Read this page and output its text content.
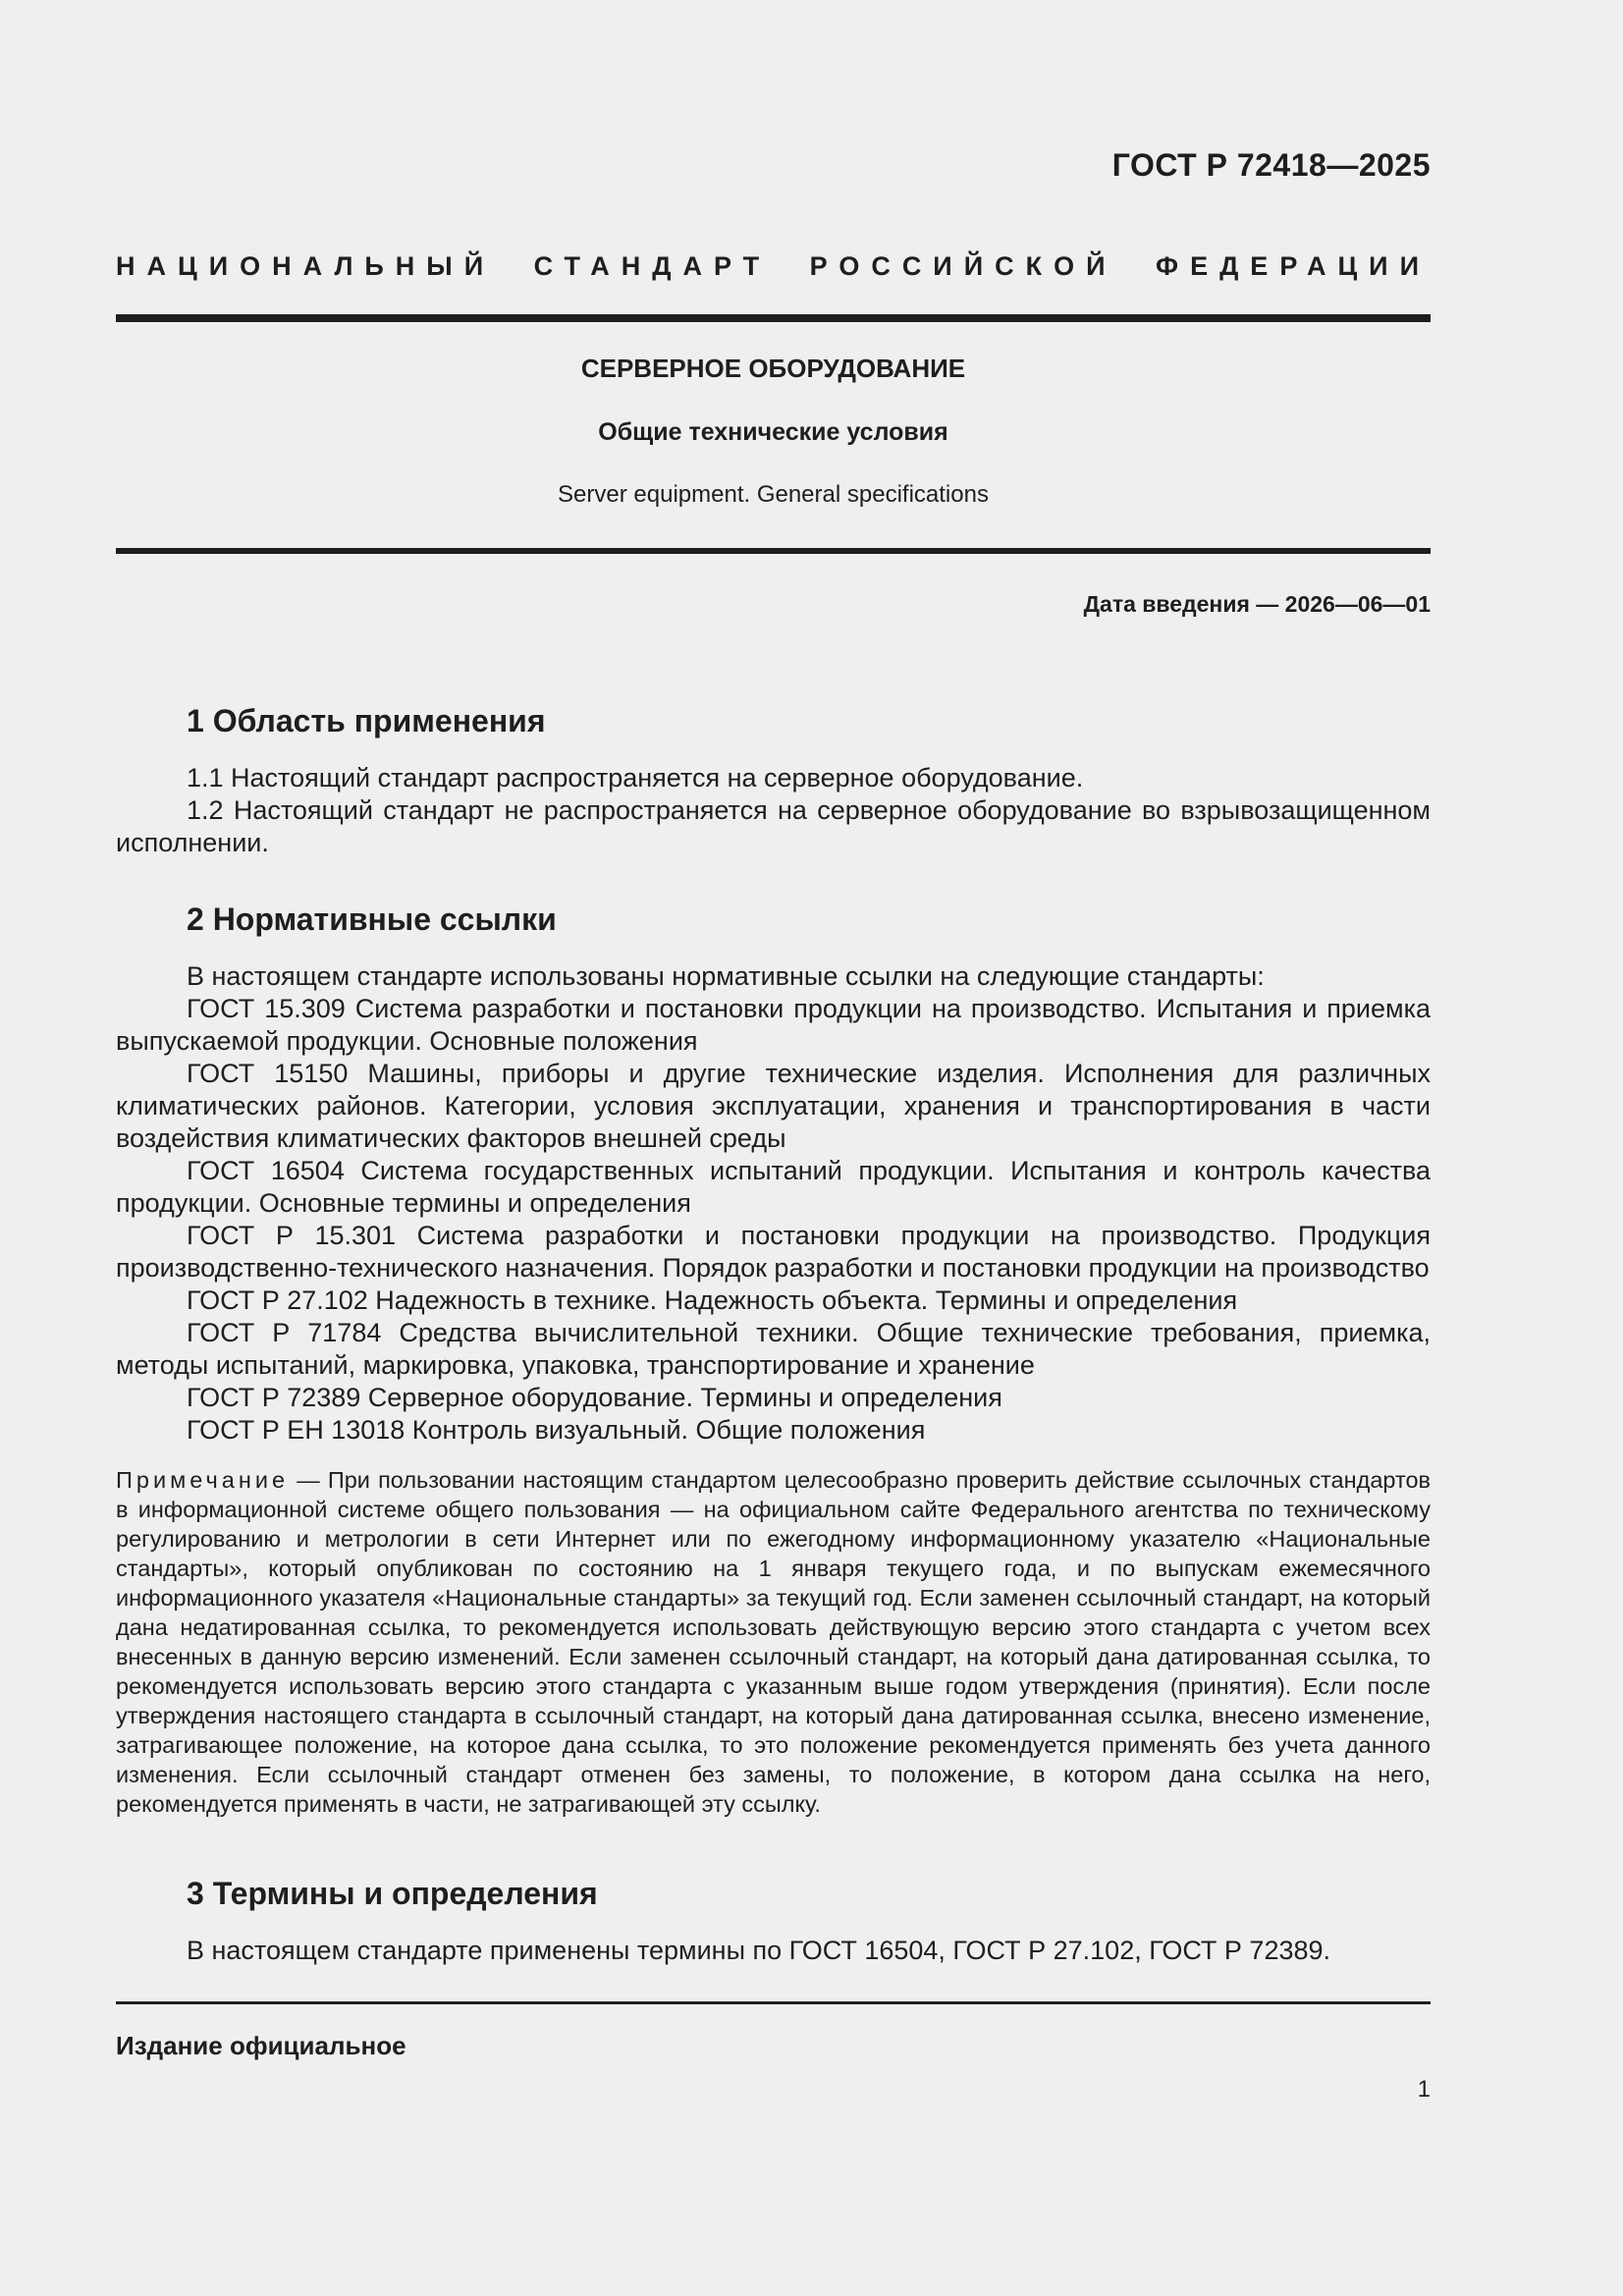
ГОСТ Р 72418—2025
НАЦИОНАЛЬНЫЙ СТАНДАРТ РОССИЙСКОЙ ФЕДЕРАЦИИ
СЕРВЕРНОЕ ОБОРУДОВАНИЕ
Общие технические условия
Server equipment. General specifications
Дата введения — 2026—06—01
1 Область применения

1.1 Настоящий стандарт распространяется на серверное оборудование.

1.2 Настоящий стандарт не распространяется на серверное оборудование во взрывозащищенном исполнении.

2 Нормативные ссылки

В настоящем стандарте использованы нормативные ссылки на следующие стандарты:

ГОСТ 15.309 Система разработки и постановки продукции на производство. Испытания и приемка выпускаемой продукции. Основные положения

ГОСТ 15150 Машины, приборы и другие технические изделия. Исполнения для различных климатических районов. Категории, условия эксплуатации, хранения и транспортирования в части воздействия климатических факторов внешней среды

ГОСТ 16504 Система государственных испытаний продукции. Испытания и контроль качества продукции. Основные термины и определения

ГОСТ Р 15.301 Система разработки и постановки продукции на производство. Продукция производственно-технического назначения. Порядок разработки и постановки продукции на производство

ГОСТ Р 27.102 Надежность в технике. Надежность объекта. Термины и определения

ГОСТ Р 71784 Средства вычислительной техники. Общие технические требования, приемка, методы испытаний, маркировка, упаковка, транспортирование и хранение

ГОСТ Р 72389 Серверное оборудование. Термины и определения

ГОСТ Р ЕН 13018 Контроль визуальный. Общие положения

Примечание — При пользовании настоящим стандартом целесообразно проверить действие ссылочных стандартов в информационной системе общего пользования — на официальном сайте Федерального агентства по техническому регулированию и метрологии в сети Интернет или по ежегодному информационному указателю «Национальные стандарты», который опубликован по состоянию на 1 января текущего года, и по выпускам ежемесячного информационного указателя «Национальные стандарты» за текущий год. Если заменен ссылочный стандарт, на который дана недатированная ссылка, то рекомендуется использовать действующую версию этого стандарта с учетом всех внесенных в данную версию изменений. Если заменен ссылочный стандарт, на который дана датированная ссылка, то рекомендуется использовать версию этого стандарта с указанным выше годом утверждения (принятия). Если после утверждения настоящего стандарта в ссылочный стандарт, на который дана датированная ссылка, внесено изменение, затрагивающее положение, на которое дана ссылка, то это положение рекомендуется применять без учета данного изменения. Если ссылочный стандарт отменен без замены, то положение, в котором дана ссылка на него, рекомендуется применять в части, не затрагивающей эту ссылку.
3 Термины и определения

В настоящем стандарте применены термины по ГОСТ 16504, ГОСТ Р 27.102, ГОСТ Р 72389.

Издание официальное
1
